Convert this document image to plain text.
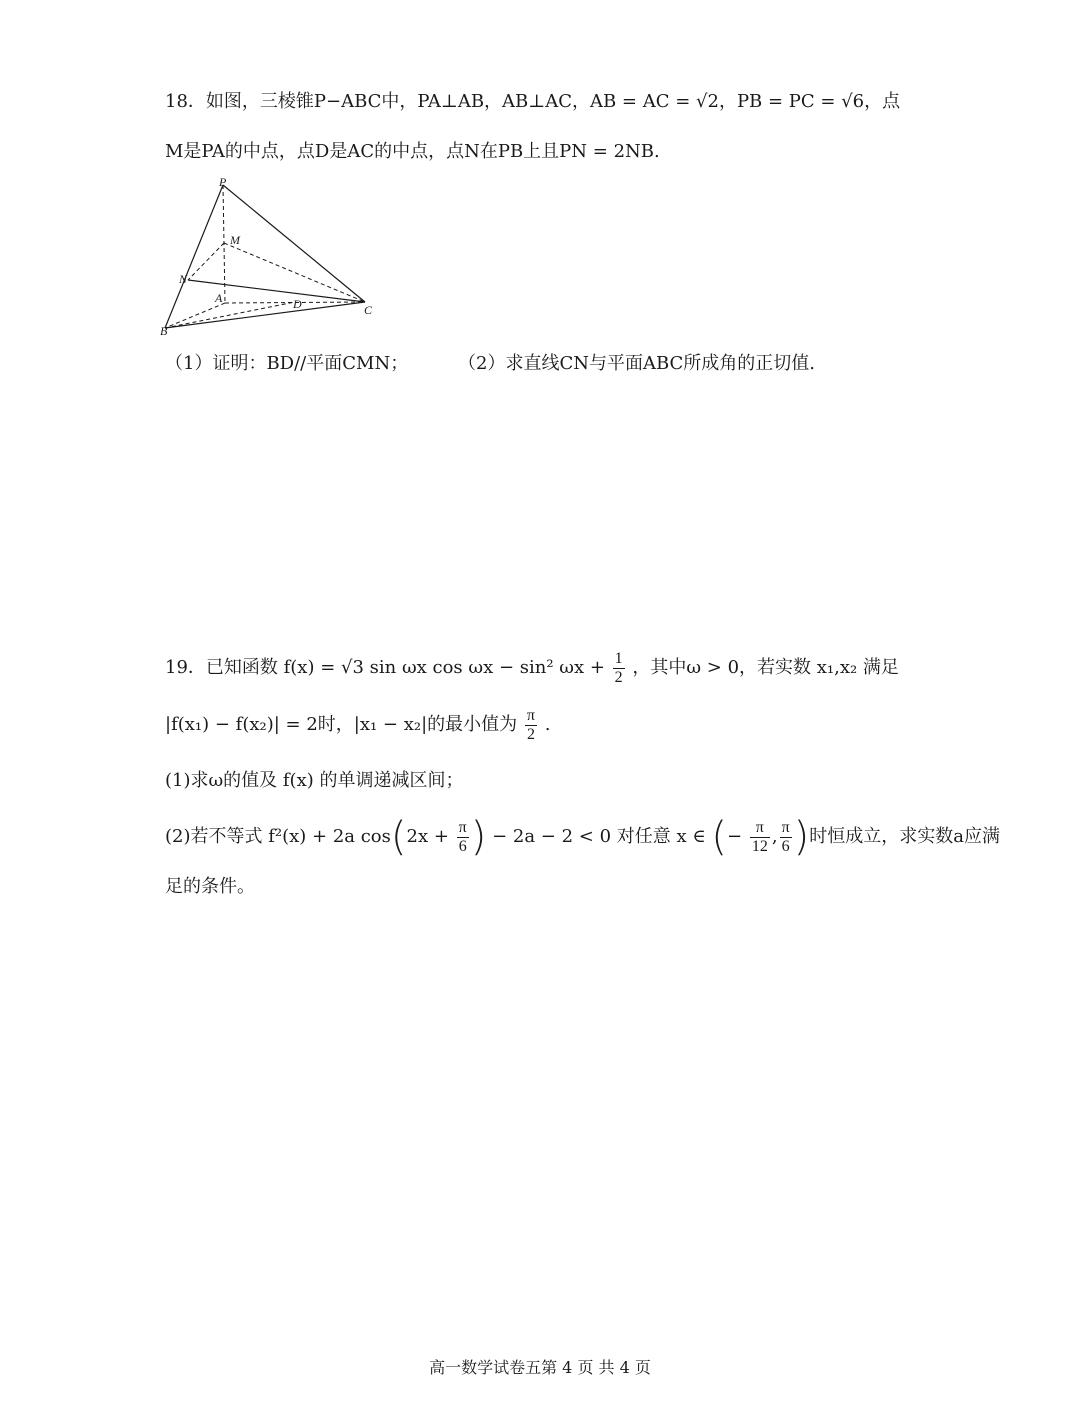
18．如图，三棱锥P−ABC中，PA⊥AB，AB⊥AC，AB = AC = √2，PB = PC = √6，点
M是PA的中点，点D是AC的中点，点N在PB上且PN = 2NB.
P
M
N
A	D
B
C
（1）证明：BD//平面CMN；	（2）求直线CN与平面ABC所成角的正切值.
19．已知函数 f(x) = √3 sin ωx cos ωx − sin² $\omega x + \frac{1}{2}$ ，其中ω > 0，若实数 x₁,x₂ 满足
|f(x₁) − f(x₂)| = 2时，|x₁ − x₂|的最小值为 $\frac{\pi}{2}$ .
(1)求ω的值及 f(x) 的单调递减区间；
(2)若不等式 f²(x) + 2a $\cos(2x + \frac{\pi}{6}$ ) − 2a − 2 < 0 对任意 x ∈ (− $\frac{\pi}{12}$ , $\frac{\pi}{6}$ )时恒成立，求实数a应满
足的条件。
高一数学试卷五第 4 页 共 4 页
